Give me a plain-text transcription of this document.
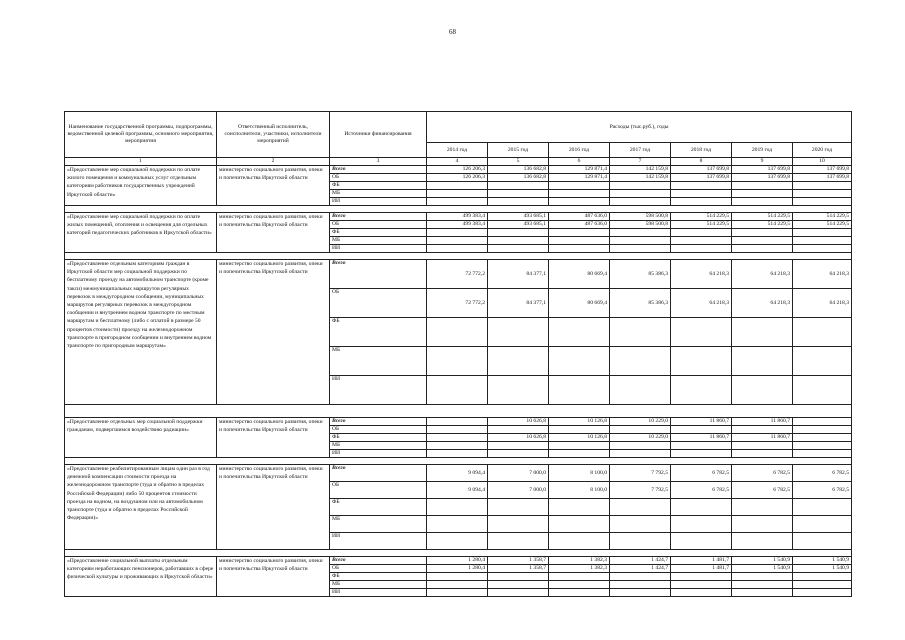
68
Наименование государственной программы, подпрограммы, ведомственной целевой программы, основного мероприятия, мероприятия	Ответственный исполнитель, соисполнители, участники, исполнители мероприятий	Источники финансирования	Расходы (тыс.руб.), годы						
			2014 год	2015 год	2016 год	2017 год	2018 год	2019 год	2020 год
1	2	3	4	5	6	7	8	9	10
«Предоставление мер социальной поддержки по оплате жилого помещения и коммунальных услуг отдельным категориям работников государственных учреждений Иркутской области»	министерство социального развития, опеки и попечительства Иркутской области	Всего	126 206,3	136 682,8	129 871,4	142 159,8	137 699,8	137 699,8	137 699,8
		ОБ	126 206,3	136 682,8	129 871,4	142 159,8	137 699,8	137 699,8	137 699,8
		ФБ							
		МБ							
		ИИ							

«Предоставление мер социальной поддержки по оплате жилых помещений, отопления и освещения для отдельных категорий педагогических работников в Иркутской области»	министерство социального развития, опеки и попечительства Иркутской области	Всего	499 383,4	493 685,1	487 636,0	598 500,8	514 229,5	514 229,5	514 229,5
		ОБ	499 383,4	493 685,1	487 636,0	598 500,8	514 229,5	514 229,5	514 229,5
		ФБ							
		МБ							
		ИИ							

«Предоставление отдельным категориям граждан в Иркутской области мер социальной поддержки по бесплатному проезду на автомобильном транспорте (кроме такси) межмуниципальных маршрутов регулярных перевозок в междугородном сообщении, муниципальных маршрутов регулярных перевозок в междугородном сообщении и внутреннем водном транспорте по местным маршрутам и бесплатному (либо с оплатой в размере 50 процентов стоимости) проезду на железнодорожном транспорте в пригородном сообщении и внутреннем водном транспорте по пригородным маршрутам»	министерство социального развития, опеки и попечительства Иркутской области	Всего	72 772,2	84 377,1	80 669,4	85 386,3	64 218,3	64 218,3	64 218,3
		ОБ	72 772,2	84 377,1	80 669,4	85 386,3	64 218,3	64 218,3	64 218,3
		ФБ							
		МБ							
		ИИ							

«Предоставление отдельных мер социальной поддержки гражданам, подвергшимся воздействию радиации»	министерство социального развития, опеки и попечительства Иркутской области	Всего		10 626,8	10 126,8	10 229,0	11 860,7	11 860,7	
		ОБ							
		ФБ		10 626,8	10 126,8	10 229,0	11 860,7	11 860,7	
		МБ							
		ИИ							

«Предоставление реабилитированным лицам один раз в год денежной компенсации стоимости проезда на железнодорожном транспорте (туда и обратно в пределах Российской Федерации) либо 50 процентов стоимости проезда на водном, на воздушном или на автомобильном транспорте (туда и обратно в пределах Российской Федерации)»	министерство социального развития, опеки и попечительства Иркутской области	Всего	9 094,4	7 000,0	8 100,0	7 792,5	6 782,5	6 782,5	6 782,5
		ОБ	9 094,4	7 000,0	8 100,0	7 792,5	6 782,5	6 782,5	6 782,5
		ФБ							
		МБ							
		ИИ							

«Предоставление социальной выплаты отдельным категориям неработающих пенсионеров, работавших в сфере физической культуры и проживающих в Иркутской области»	министерство социального развития, опеки и попечительства Иркутской области	Всего	1 280,4	1 358,7	1 382,3	1 424,7	1 481,7	1 540,9	1 540,9
		ОБ	1 280,4	1 358,7	1 382,3	1 424,7	1 481,7	1 540,9	1 540,9
		ФБ							
		МБ							
		ИИ							
